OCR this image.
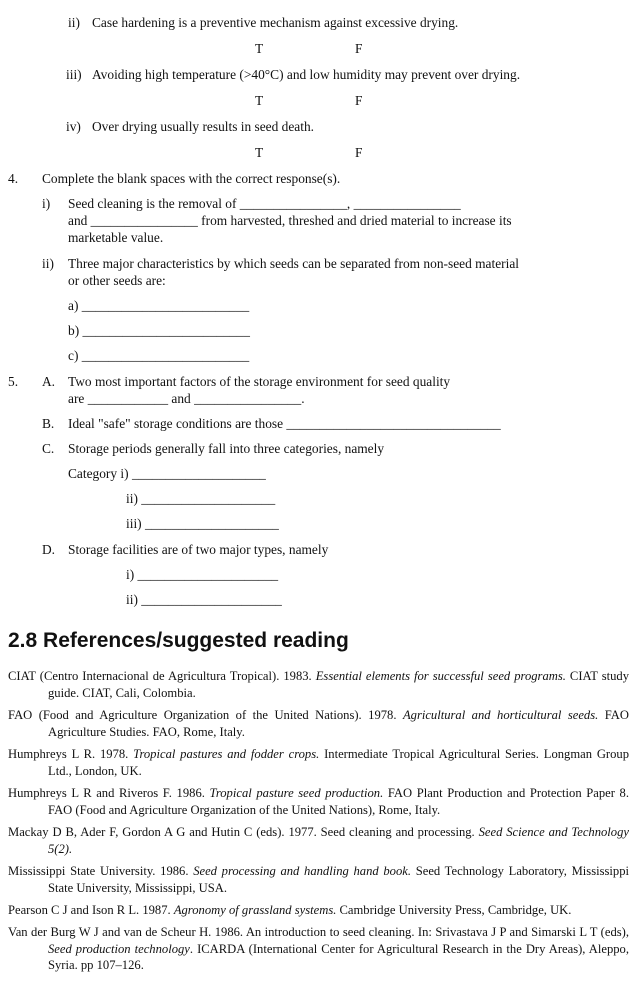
ii) Case hardening is a preventive mechanism against excessive drying.
T	F
iii) Avoiding high temperature (>40°C) and low humidity may prevent over drying.
T	F
iv) Over drying usually results in seed death.
T	F
4. Complete the blank spaces with the correct response(s).
i) Seed cleaning is the removal of ________________, ________________
and ________________ from harvested, threshed and dried material to increase its
marketable value.
ii) Three major characteristics by which seeds can be separated from non-seed material
or other seeds are:
a) _________________________
b) _________________________
c) _________________________
5. A. Two most important factors of the storage environment for seed quality
are ____________ and ________________.
B. Ideal "safe" storage conditions are those ________________________________
C. Storage periods generally fall into three categories, namely
Category i) ____________________
ii) ____________________
iii) ____________________
D. Storage facilities are of two major types, namely
i) _____________________
ii) _____________________
2.8 References/suggested reading
CIAT (Centro Internacional de Agricultura Tropical). 1983. Essential elements for successful seed programs. CIAT study guide. CIAT, Cali, Colombia.
FAO (Food and Agriculture Organization of the United Nations). 1978. Agricultural and horticultural seeds. FAO Agriculture Studies. FAO, Rome, Italy.
Humphreys L R. 1978. Tropical pastures and fodder crops. Intermediate Tropical Agricultural Series. Longman Group Ltd., London, UK.
Humphreys L R and Riveros F. 1986. Tropical pasture seed production. FAO Plant Production and Protection Paper 8. FAO (Food and Agriculture Organization of the United Nations), Rome, Italy.
Mackay D B, Ader F, Gordon A G and Hutin C (eds). 1977. Seed cleaning and processing. Seed Science and Technology 5(2).
Mississippi State University. 1986. Seed processing and handling hand book. Seed Technology Laboratory, Mississippi State University, Mississippi, USA.
Pearson C J and Ison R L. 1987. Agronomy of grassland systems. Cambridge University Press, Cambridge, UK.
Van der Burg W J and van de Scheur H. 1986. An introduction to seed cleaning. In: Srivastava J P and Simarski L T (eds), Seed production technology. ICARDA (International Center for Agricultural Research in the Dry Areas), Aleppo, Syria. pp 107–126.
